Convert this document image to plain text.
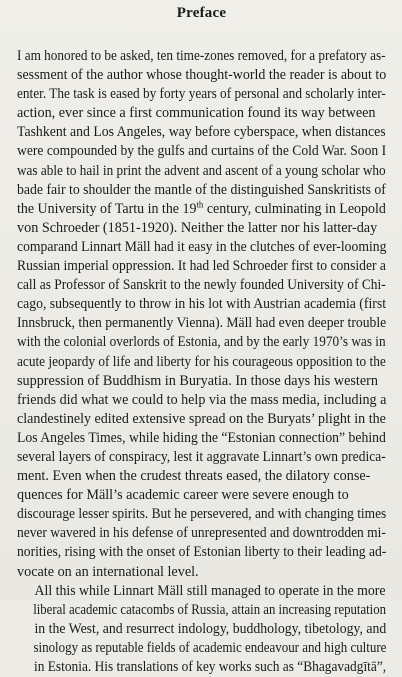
Preface

I am honored to be asked, ten time-zones removed, for a prefatory as-
sessment of the author whose thought-world the reader is about to
enter. The task is eased by forty years of personal and scholarly inter-
action, ever since a first communication found its way between
Tashkent and Los Angeles, way before cyberspace, when distances
were compounded by the gulfs and curtains of the Cold War. Soon I
was able to hail in print the advent and ascent of a young scholar who
bade fair to shoulder the mantle of the distinguished Sanskritists of
the University of Tartu in the 19th century, culminating in Leopold
von Schroeder (1851-1920). Neither the latter nor his latter-day
comparand Linnart Mäll had it easy in the clutches of ever-looming
Russian imperial oppression. It had led Schroeder first to consider a
call as Professor of Sanskrit to the newly founded University of Chi-
cago, subsequently to throw in his lot with Austrian academia (first
Innsbruck, then permanently Vienna). Mäll had even deeper trouble
with the colonial overlords of Estonia, and by the early 1970’s was in
acute jeopardy of life and liberty for his courageous opposition to the
suppression of Buddhism in Buryatia. In those days his western
friends did what we could to help via the mass media, including a
clandestinely edited extensive spread on the Buryats’ plight in the
Los Angeles Times, while hiding the “Estonian connection” behind
several layers of conspiracy, lest it aggravate Linnart’s own predica-
ment. Even when the crudest threats eased, the dilatory conse-
quences for Mäll’s academic career were severe enough to
discourage lesser spirits. But he persevered, and with changing times
never wavered in his defense of unrepresented and downtrodden mi-
norities, rising with the onset of Estonian liberty to their leading ad-
vocate on an international level.

All this while Linnart Mäll still managed to operate in the more
liberal academic catacombs of Russia, attain an increasing reputation
in the West, and resurrect indology, buddhology, tibetology, and
sinology as reputable fields of academic endeavour and high culture
in Estonia. His translations of key works such as “Bhagavadgītā”,
